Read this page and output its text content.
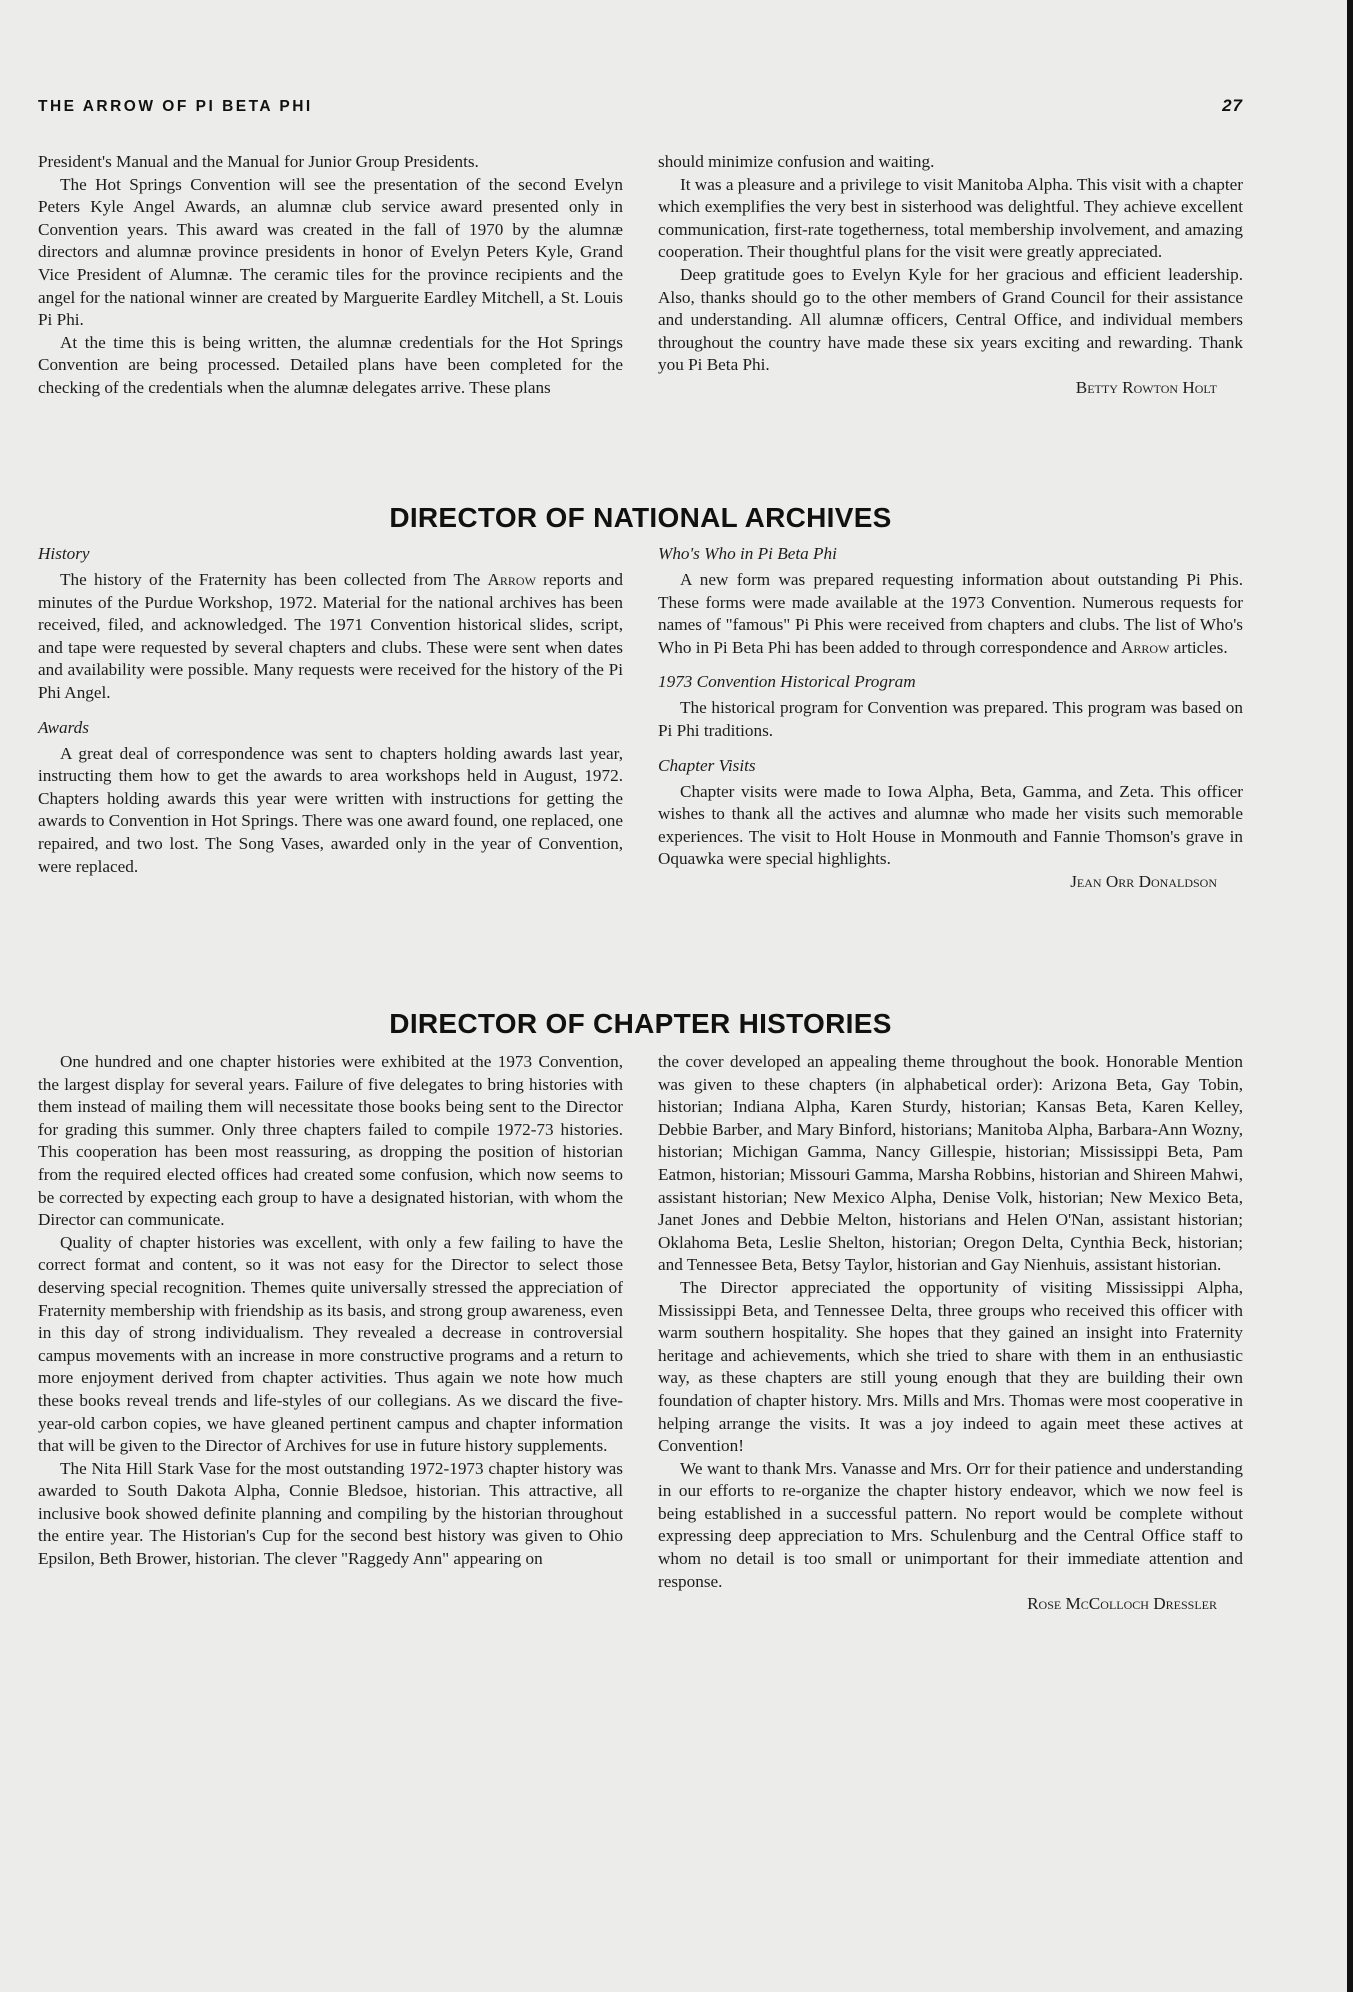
THE ARROW OF PI BETA PHI	27

President's Manual and the Manual for Junior Group Presidents.

The Hot Springs Convention will see the presentation of the second Evelyn Peters Kyle Angel Awards, an alumnæ club service award presented only in Convention years. This award was created in the fall of 1970 by the alumnæ directors and alumnæ province presidents in honor of Evelyn Peters Kyle, Grand Vice President of Alumnæ. The ceramic tiles for the province recipients and the angel for the national winner are created by Marguerite Eardley Mitchell, a St. Louis Pi Phi.

At the time this is being written, the alumnæ credentials for the Hot Springs Convention are being processed. Detailed plans have been completed for the checking of the credentials when the alumnæ delegates arrive. These plans

should minimize confusion and waiting.

It was a pleasure and a privilege to visit Manitoba Alpha. This visit with a chapter which exemplifies the very best in sisterhood was delightful. They achieve excellent communication, first-rate togetherness, total membership involvement, and amazing cooperation. Their thoughtful plans for the visit were greatly appreciated.

Deep gratitude goes to Evelyn Kyle for her gracious and efficient leadership. Also, thanks should go to the other members of Grand Council for their assistance and understanding. All alumnæ officers, Central Office, and individual members throughout the country have made these six years exciting and rewarding. Thank you Pi Beta Phi.

Betty Rowton Holt
DIRECTOR OF NATIONAL ARCHIVES
History

The history of the Fraternity has been collected from The Arrow reports and minutes of the Purdue Workshop, 1972. Material for the national archives has been received, filed, and acknowledged. The 1971 Convention historical slides, script, and tape were requested by several chapters and clubs. These were sent when dates and availability were possible. Many requests were received for the history of the Pi Phi Angel.

Awards

A great deal of correspondence was sent to chapters holding awards last year, instructing them how to get the awards to area workshops held in August, 1972. Chapters holding awards this year were written with instructions for getting the awards to Convention in Hot Springs. There was one award found, one replaced, one repaired, and two lost. The Song Vases, awarded only in the year of Convention, were replaced.

Who's Who in Pi Beta Phi

A new form was prepared requesting information about outstanding Pi Phis. These forms were made available at the 1973 Convention. Numerous requests for names of "famous" Pi Phis were received from chapters and clubs. The list of Who's Who in Pi Beta Phi has been added to through correspondence and Arrow articles.

1973 Convention Historical Program

The historical program for Convention was prepared. This program was based on Pi Phi traditions.

Chapter Visits

Chapter visits were made to Iowa Alpha, Beta, Gamma, and Zeta. This officer wishes to thank all the actives and alumnæ who made her visits such memorable experiences. The visit to Holt House in Monmouth and Fannie Thomson's grave in Oquawka were special highlights.

Jean Orr Donaldson
DIRECTOR OF CHAPTER HISTORIES

One hundred and one chapter histories were exhibited at the 1973 Convention, the largest display for several years. Failure of five delegates to bring histories with them instead of mailing them will necessitate those books being sent to the Director for grading this summer. Only three chapters failed to compile 1972-73 histories. This cooperation has been most reassuring, as dropping the position of historian from the required elected offices had created some confusion, which now seems to be corrected by expecting each group to have a designated historian, with whom the Director can communicate.

Quality of chapter histories was excellent, with only a few failing to have the correct format and content, so it was not easy for the Director to select those deserving special recognition. Themes quite universally stressed the appreciation of Fraternity membership with friendship as its basis, and strong group awareness, even in this day of strong individualism. They revealed a decrease in controversial campus movements with an increase in more constructive programs and a return to more enjoyment derived from chapter activities. Thus again we note how much these books reveal trends and life-styles of our collegians. As we discard the five-year-old carbon copies, we have gleaned pertinent campus and chapter information that will be given to the Director of Archives for use in future history supplements.

The Nita Hill Stark Vase for the most outstanding 1972-1973 chapter history was awarded to South Dakota Alpha, Connie Bledsoe, historian. This attractive, all inclusive book showed definite planning and compiling by the historian throughout the entire year. The Historian's Cup for the second best history was given to Ohio Epsilon, Beth Brower, historian. The clever "Raggedy Ann" appearing on

the cover developed an appealing theme throughout the book. Honorable Mention was given to these chapters (in alphabetical order): Arizona Beta, Gay Tobin, historian; Indiana Alpha, Karen Sturdy, historian; Kansas Beta, Karen Kelley, Debbie Barber, and Mary Binford, historians; Manitoba Alpha, Barbara-Ann Wozny, historian; Michigan Gamma, Nancy Gillespie, historian; Mississippi Beta, Pam Eatmon, historian; Missouri Gamma, Marsha Robbins, historian and Shireen Mahwi, assistant historian; New Mexico Alpha, Denise Volk, historian; New Mexico Beta, Janet Jones and Debbie Melton, historians and Helen O'Nan, assistant historian; Oklahoma Beta, Leslie Shelton, historian; Oregon Delta, Cynthia Beck, historian; and Tennessee Beta, Betsy Taylor, historian and Gay Nienhuis, assistant historian.

The Director appreciated the opportunity of visiting Mississippi Alpha, Mississippi Beta, and Tennessee Delta, three groups who received this officer with warm southern hospitality. She hopes that they gained an insight into Fraternity heritage and achievements, which she tried to share with them in an enthusiastic way, as these chapters are still young enough that they are building their own foundation of chapter history. Mrs. Mills and Mrs. Thomas were most cooperative in helping arrange the visits. It was a joy indeed to again meet these actives at Convention!

We want to thank Mrs. Vanasse and Mrs. Orr for their patience and understanding in our efforts to re-organize the chapter history endeavor, which we now feel is being established in a successful pattern. No report would be complete without expressing deep appreciation to Mrs. Schulenburg and the Central Office staff to whom no detail is too small or unimportant for their immediate attention and response.

Rose McColloch Dressler
